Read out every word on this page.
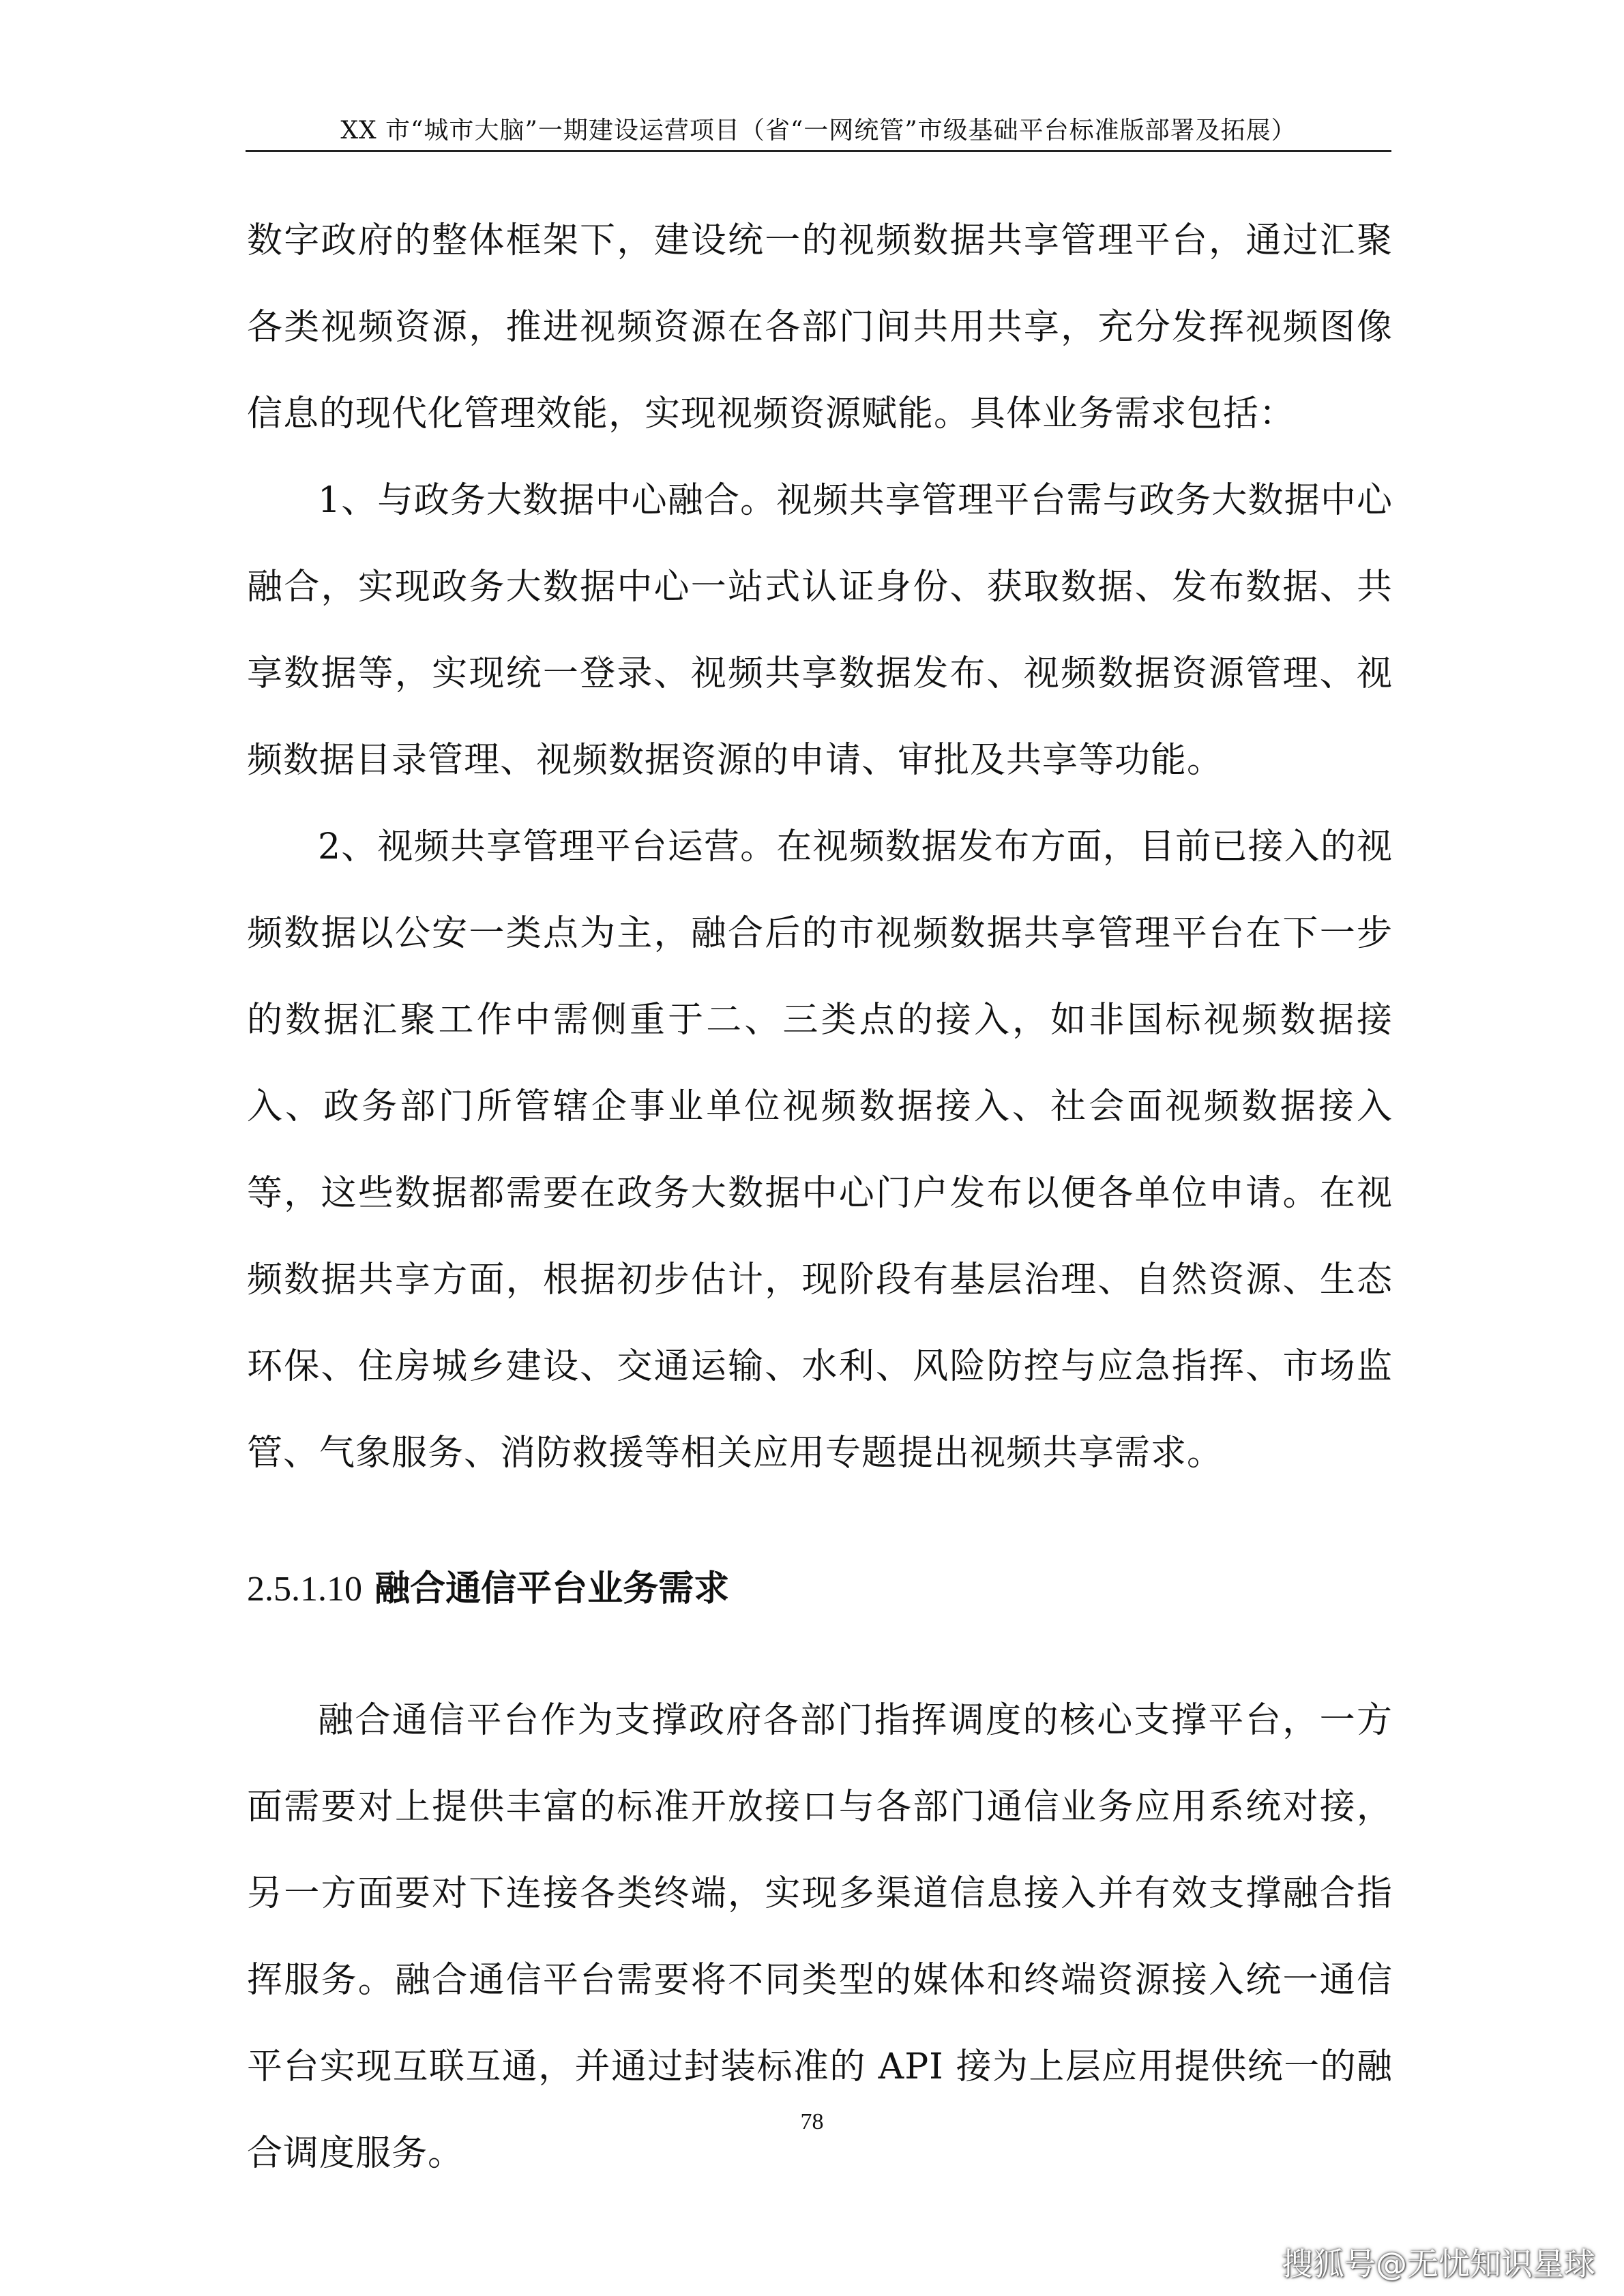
XX 市“城市大脑”一期建设运营项目（省“一网统管”市级基础平台标准版部署及拓展）

数字政府的整体框架下，建设统一的视频数据共享管理平台，通过汇聚各类视频资源，推进视频资源在各部门间共用共享，充分发挥视频图像信息的现代化管理效能，实现视频资源赋能。具体业务需求包括：

1、与政务大数据中心融合。视频共享管理平台需与政务大数据中心融合，实现政务大数据中心一站式认证身份、获取数据、发布数据、共享数据等，实现统一登录、视频共享数据发布、视频数据资源管理、视频数据目录管理、视频数据资源的申请、审批及共享等功能。

2、视频共享管理平台运营。在视频数据发布方面，目前已接入的视频数据以公安一类点为主，融合后的市视频数据共享管理平台在下一步的数据汇聚工作中需侧重于二、三类点的接入，如非国标视频数据接入、政务部门所管辖企事业单位视频数据接入、社会面视频数据接入等，这些数据都需要在政务大数据中心门户发布以便各单位申请。在视频数据共享方面，根据初步估计，现阶段有基层治理、自然资源、生态环保、住房城乡建设、交通运输、水利、风险防控与应急指挥、市场监管、气象服务、消防救援等相关应用专题提出视频共享需求。

2.5.1.10 融合通信平台业务需求

融合通信平台作为支撑政府各部门指挥调度的核心支撑平台，一方面需要对上提供丰富的标准开放接口与各部门通信业务应用系统对接，另一方面要对下连接各类终端，实现多渠道信息接入并有效支撑融合指挥服务。融合通信平台需要将不同类型的媒体和终端资源接入统一通信平台实现互联互通，并通过封装标准的 API 接为上层应用提供统一的融合调度服务。

78
搜狐号@无忧知识星球
